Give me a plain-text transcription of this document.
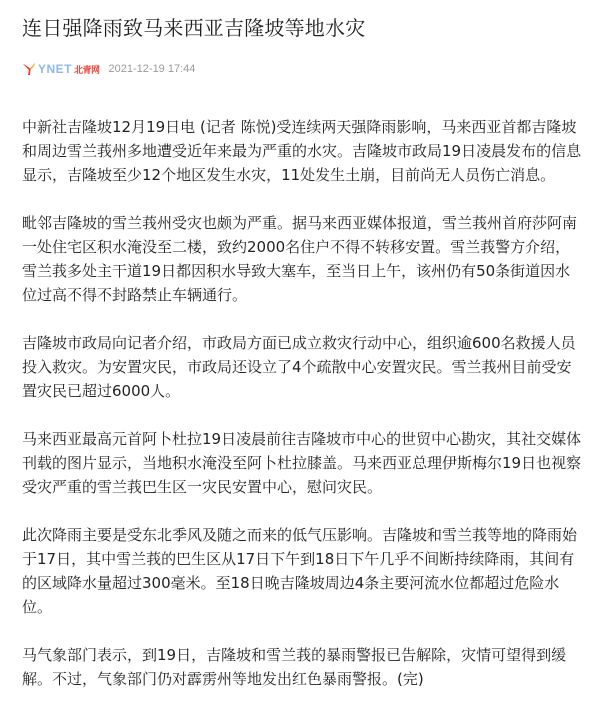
连日强降雨致马来西亚吉隆坡等地水灾
YNET 北青网 2021-12-19 17:44

中新社吉隆坡12月19日电 (记者 陈悦)受连续两天强降雨影响，马来西亚首都吉隆坡和周边雪兰莪州多地遭受近年来最为严重的水灾。吉隆坡市政局19日凌晨发布的信息显示，吉隆坡至少12个地区发生水灾，11处发生土崩，目前尚无人员伤亡消息。

毗邻吉隆坡的雪兰莪州受灾也颇为严重。据马来西亚媒体报道，雪兰莪州首府莎阿南一处住宅区积水淹没至二楼，致约2000名住户不得不转移安置。雪兰莪警方介绍，雪兰莪多处主干道19日都因积水导致大塞车，至当日上午，该州仍有50条街道因水位过高不得不封路禁止车辆通行。

吉隆坡市政局向记者介绍，市政局方面已成立救灾行动中心，组织逾600名救援人员投入救灾。为安置灾民，市政局还设立了4个疏散中心安置灾民。雪兰莪州目前受安置灾民已超过6000人。

马来西亚最高元首阿卜杜拉19日凌晨前往吉隆坡市中心的世贸中心勘灾，其社交媒体刊载的图片显示，当地积水淹没至阿卜杜拉膝盖。马来西亚总理伊斯梅尔19日也视察受灾严重的雪兰莪巴生区一灾民安置中心，慰问灾民。

此次降雨主要是受东北季风及随之而来的低气压影响。吉隆坡和雪兰莪等地的降雨始于17日，其中雪兰莪的巴生区从17日下午到18日下午几乎不间断持续降雨，其间有的区域降水量超过300毫米。至18日晚吉隆坡周边4条主要河流水位都超过危险水位。

马气象部门表示，到19日，吉隆坡和雪兰莪的暴雨警报已告解除，灾情可望得到缓解。不过，气象部门仍对霹雳州等地发出红色暴雨警报。(完)
